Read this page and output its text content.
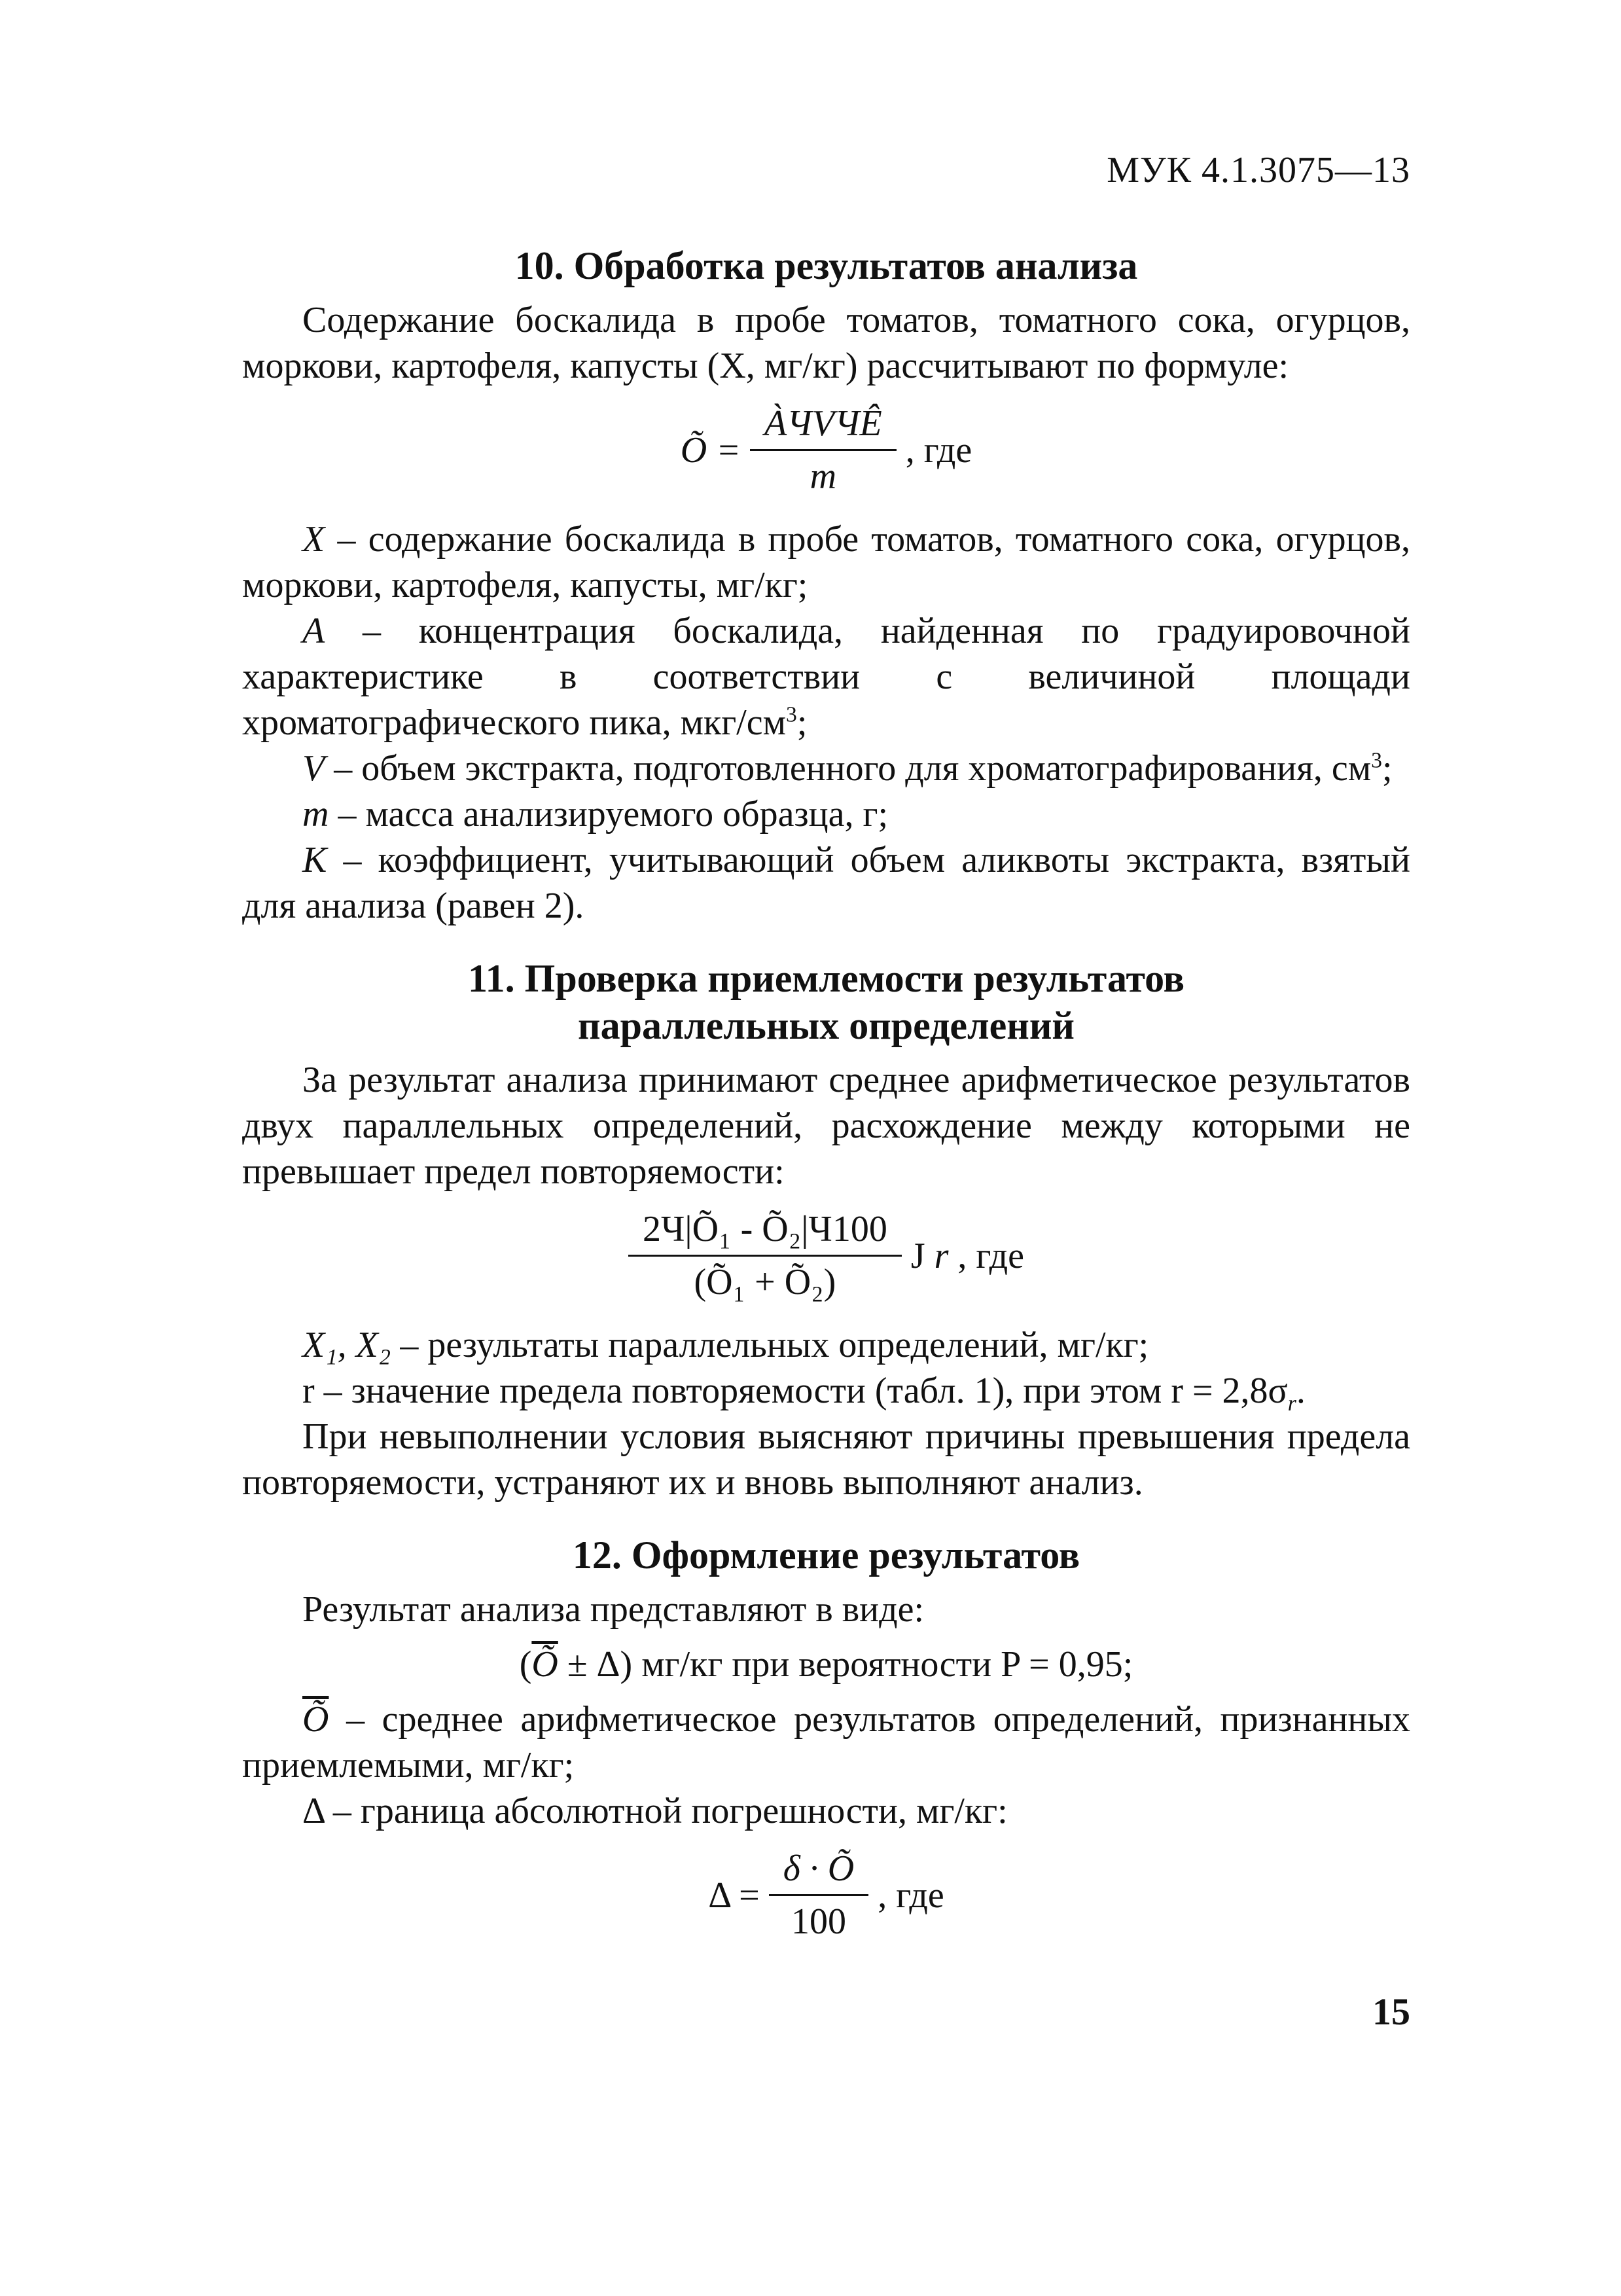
МУК 4.1.3075—13
10. Обработка результатов анализа

Содержание боскалида в пробе томатов, томатного сока, огурцов, моркови, картофеля, капусты (X, мг/кг) рассчитывают по формуле:

Õ = $\frac{\text{ÀЧVЧÊ}}{m}$ , где

X – содержание боскалида в пробе томатов, томатного сока, огурцов, моркови, картофеля, капусты, мг/кг;

A – концентрация боскалида, найденная по градуировочной характеристике в соответствии с величиной площади хроматографического пика, мкг/$см^3$;

V – объем экстракта, подготовленного для хроматографирования, $см^3$;

m – масса анализируемого образца, г;

K – коэффициент, учитывающий объем аликвоты экстракта, взятый для анализа (равен 2).

11. Проверка приемлемости результатов
параллельных определений

За результат анализа принимают среднее арифметическое результатов двух параллельных определений, расхождение между которыми не превышает предел повторяемости:

$\frac{\text{2Ч|Õ₁ - Õ₂|Ч100}}{\text{(Õ₁ + Õ₂)}}$ J r , где

X₁, X₂ – результаты параллельных определений, мг/кг;

r – значение предела повторяемости (табл. 1), при этом $r = 2,8\sigma_r$.

При невыполнении условия выясняют причины превышения предела повторяемости, устраняют их и вновь выполняют анализ.

12. Оформление результатов

Результат анализа представляют в виде:

$(\overline{Õ} \pm \Delta)$ мг/кг при вероятности P = 0,95;

$\overline{Õ}$ – среднее арифметическое результатов определений, признанных приемлемыми, мг/кг;

Δ – граница абсолютной погрешности, мг/кг:

$\Delta = \frac{\delta \cdot Õ}{100}$ , где
15
